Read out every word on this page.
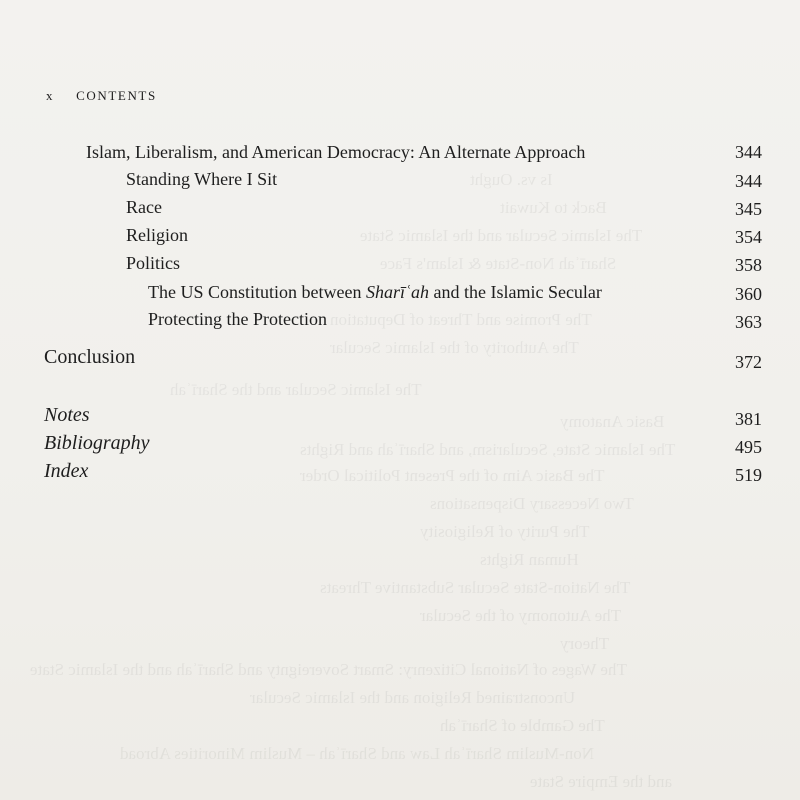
Is vs. Ought
Back to Kuwait
The Islamic Secular and the Islamic State
Sharīʿah Non-State & Islam's Face
The Promise and Threat of Deputation
The Authority of the Islamic Secular
The Islamic Secular and the Sharīʿah
Basic Anatomy
The Islamic State, Secularism, and Sharīʿah and Rights
The Basic Aim of the Present Political Order
Two Necessary Dispensations
The Purity of Religiosity
Human Rights
The Nation-State Secular Substantive Threats
The Autonomy of the Secular
Theory
The Wages of National Citizenry: Smart Sovereignty and Sharīʿah and the Islamic State
Unconstrained Religion and the Islamic Secular
The Gamble of Sharīʿah
Non-Muslim Sharīʿah Law and Sharīʿah – Muslim Minorities Abroad
and the Empire State
x CONTENTS
Islam, Liberalism, and American Democracy: An Alternate Approach	344
Standing Where I Sit	344
Race	345
Religion	354
Politics	358
The US Constitution between Sharīʿah and the Islamic Secular	360
Protecting the Protection	363
Conclusion	372
Notes	381
Bibliography	495
Index	519
